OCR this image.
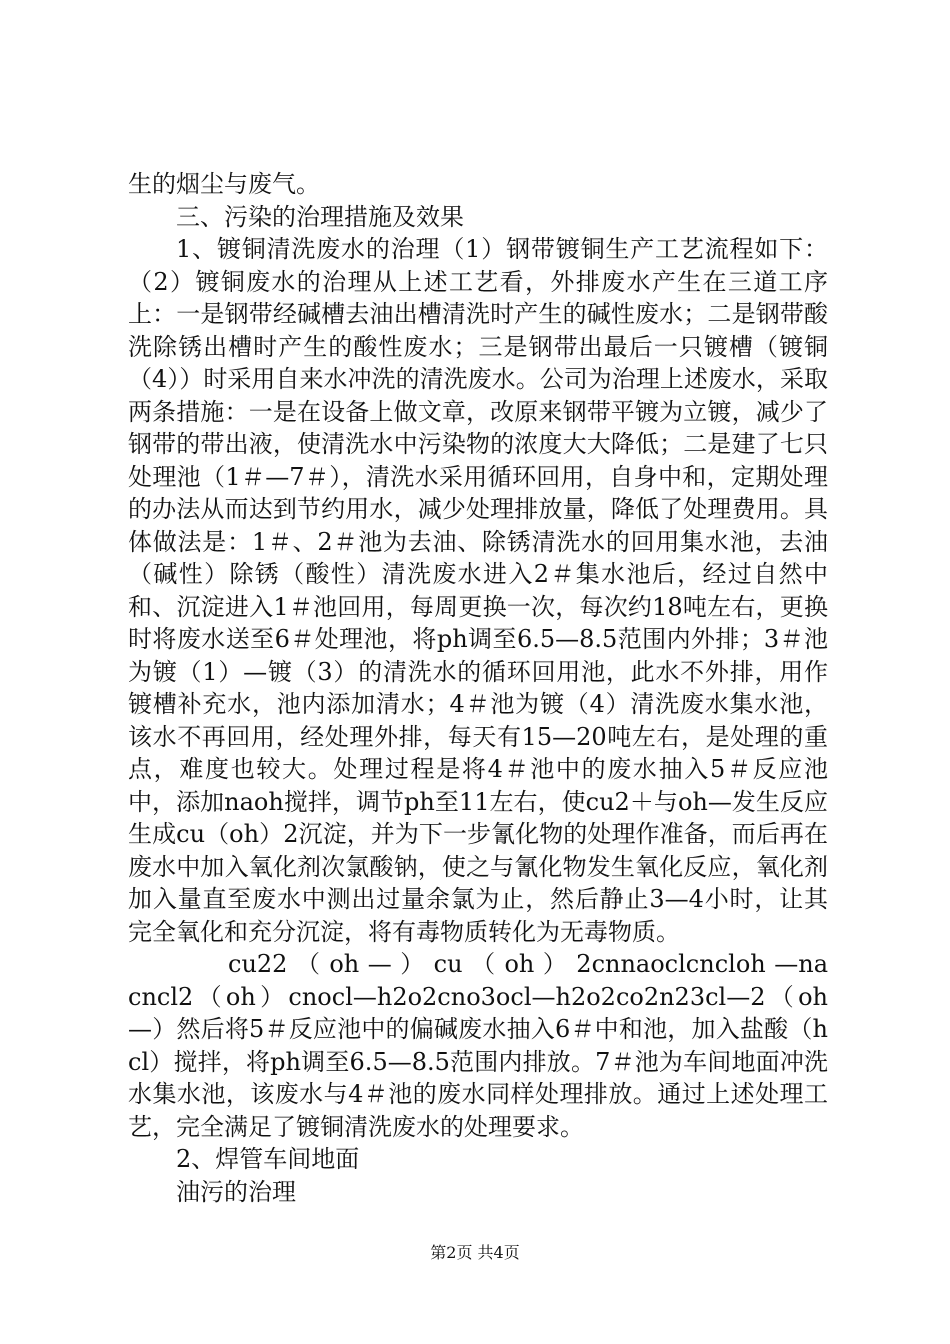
生的烟尘与废气。

三、污染的治理措施及效果

1、镀铜清洗废水的治理（1）钢带镀铜生产工艺流程如下：（2）镀铜废水的治理从上述工艺看，外排废水产生在三道工序上：一是钢带经碱槽去油出槽清洗时产生的碱性废水；二是钢带酸洗除锈出槽时产生的酸性废水；三是钢带出最后一只镀槽（镀铜（4））时采用自来水冲洗的清洗废水。公司为治理上述废水，采取两条措施：一是在设备上做文章，改原来钢带平镀为立镀，减少了钢带的带出液，使清洗水中污染物的浓度大大降低；二是建了七只处理池（1＃—7＃），清洗水采用循环回用，自身中和，定期处理的办法从而达到节约用水，减少处理排放量，降低了处理费用。具体做法是：1＃、2＃池为去油、除锈清洗水的回用集水池，去油（碱性）除锈（酸性）清洗废水进入2＃集水池后，经过自然中和、沉淀进入1＃池回用，每周更换一次，每次约18吨左右，更换时将废水送至6＃处理池，将ph调至6.5—8.5范围内外排；3＃池为镀（1）—镀（3）的清洗水的循环回用池，此水不外排，用作镀槽补充水，池内添加清水；4＃池为镀（4）清洗废水集水池，该水不再回用，经处理外排，每天有15—20吨左右，是处理的重点，难度也较大。处理过程是将4＃池中的废水抽入5＃反应池中，添加naoh搅拌，调节ph至11左右，使cu2＋与oh—发生反应生成cu（oh）2沉淀，并为下一步氰化物的处理作准备，而后再在废水中加入氧化剂次氯酸钠，使之与氰化物发生氧化反应，氧化剂加入量直至废水中测出过量余氯为止，然后静止3—4小时，让其完全氧化和充分沉淀，将有毒物质转化为无毒物质。

cu22 （ oh — ） cu （ oh ） 2cnnaoclcncloh —nacncl2（oh）cnocl—h2o2cno3ocl—h2o2co2n23cl—2（oh—）然后将5＃反应池中的偏碱废水抽入6＃中和池，加入盐酸（hcl）搅拌，将ph调至6.5—8.5范围内排放。7＃池为车间地面冲洗水集水池，该废水与4＃池的废水同样处理排放。通过上述处理工艺，完全满足了镀铜清洗废水的处理要求。

2、焊管车间地面

油污的治理

第2页 共4页
